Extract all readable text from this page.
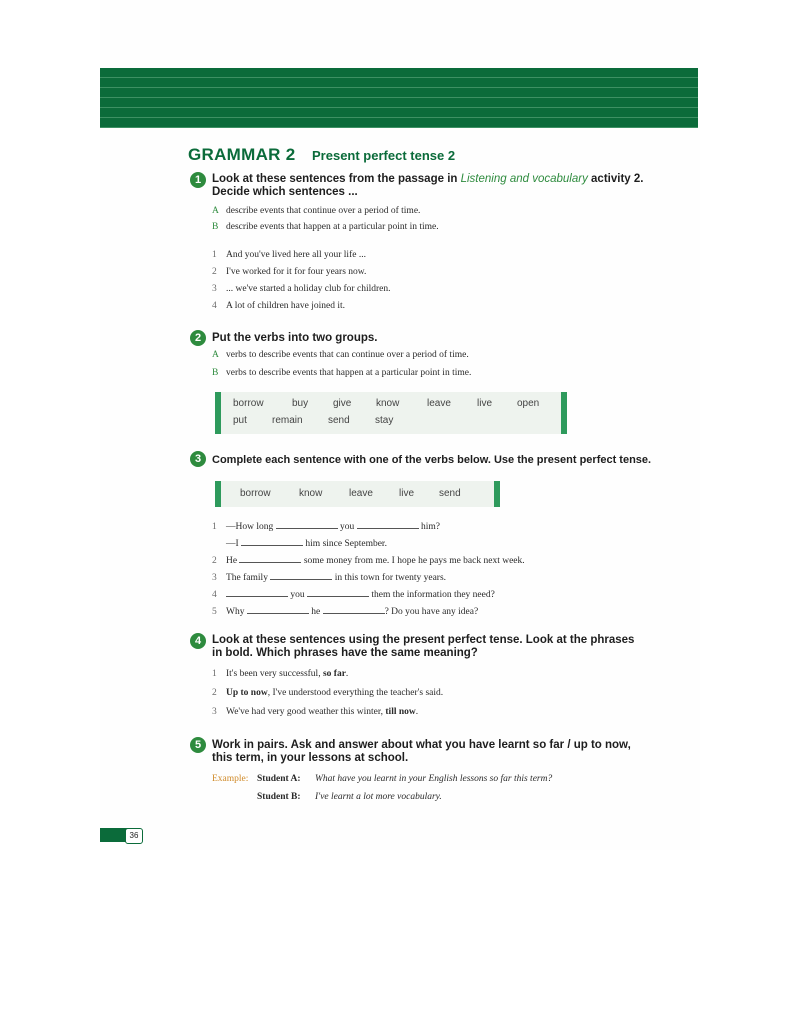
GRAMMAR 2 Present perfect tense 2
1 Look at these sentences from the passage in Listening and vocabulary activity 2.
Decide which sentences ...
A describe events that continue over a period of time.
B describe events that happen at a particular point in time.
1 And you've lived here all your life ...
2 I've worked for it for four years now.
3 ... we've started a holiday club for children.
4 A lot of children have joined it.
2 Put the verbs into two groups.
A verbs to describe events that can continue over a period of time.
B verbs to describe events that happen at a particular point in time.
borrow	buy give know	leave	live open
put	remain	send	stay
3 Complete each sentence with one of the verbs below. Use the present perfect tense.
borrow	know	leave	live send
1 —How long	you	him?
—I	him since September.
2 He	some money from me. I hope he pays me back next week.
3 The family	in this town for twenty years.
4	you	them the information they need?
5 Why	he	? Do you have any idea?
4 Look at these sentences using the present perfect tense. Look at the phrases
in bold. Which phrases have the same meaning?
1 It's been very successful, so far.
2 Up to now, I've understood everything the teacher's said.
3 We've had very good weather this winter, till now.
5 Work in pairs. Ask and answer about what you have learnt so far / up to now,
this term, in your lessons at school.
Example: Student A: What have you learnt in your English lessons so far this term?
Student B: I've learnt a lot more vocabulary.
36
